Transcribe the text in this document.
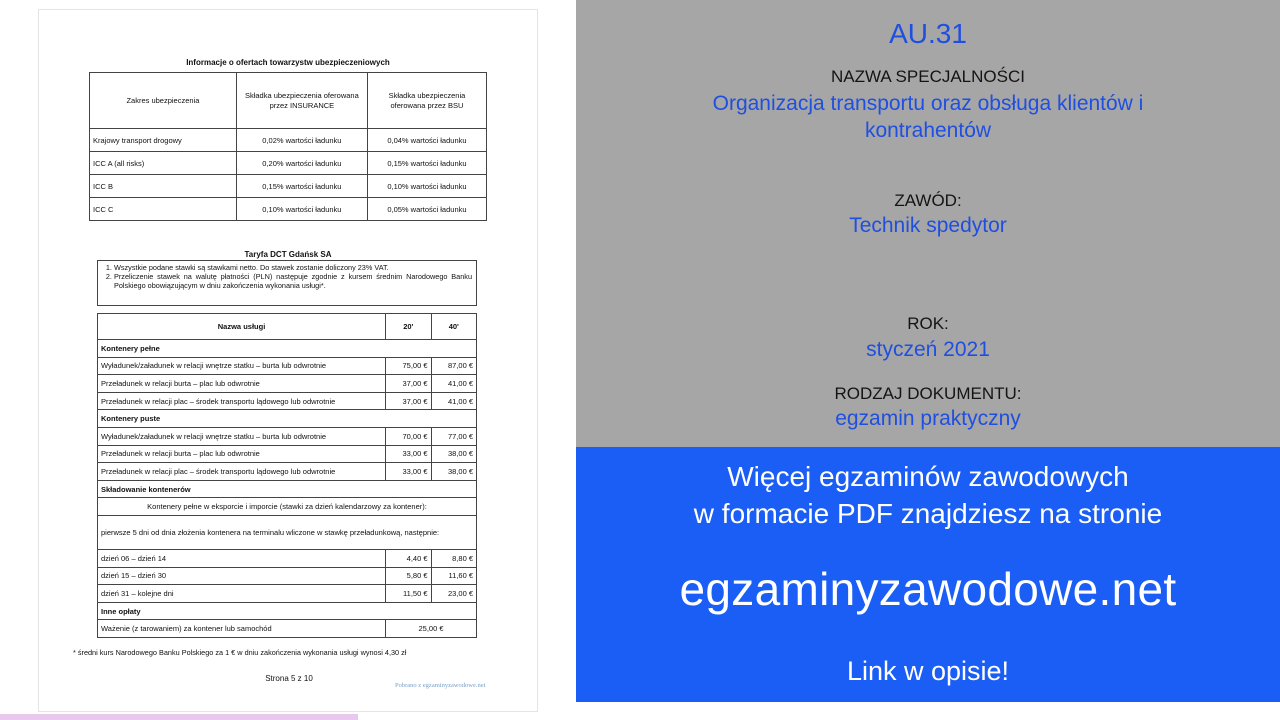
Informacje o ofertach towarzystw ubezpieczeniowych
Zakres ubezpieczenia	Składka ubezpieczenia oferowana przez INSURANCE	Składka ubezpieczenia oferowana przez BSU
Krajowy transport drogowy	0,02% wartości ładunku	0,04% wartości ładunku
ICC A (all risks)	0,20% wartości ładunku	0,15% wartości ładunku
ICC B	0,15% wartości ładunku	0,10% wartości ładunku
ICC C	0,10% wartości ładunku	0,05% wartości ładunku
Taryfa DCT Gdańsk SA
1. Wszystkie podane stawki są stawkami netto. Do stawek zostanie doliczony 23% VAT.
2. Przeliczenie stawek na walutę płatności (PLN) następuje zgodnie z kursem średnim Narodowego Banku Polskiego obowiązującym w dniu zakończenia wykonania usługi*.
Nazwa usługi	20'	40'
Kontenery pełne		
Wyładunek/załadunek w relacji wnętrze statku – burta lub odwrotnie	75,00 €	87,00 €
Przeładunek w relacji burta – plac lub odwrotnie	37,00 €	41,00 €
Przeładunek w relacji plac – środek transportu lądowego lub odwrotnie	37,00 €	41,00 €
Kontenery puste		
Wyładunek/załadunek w relacji wnętrze statku – burta lub odwrotnie	70,00 €	77,00 €
Przeładunek w relacji burta – plac lub odwrotnie	33,00 €	38,00 €
Przeładunek w relacji plac – środek transportu lądowego lub odwrotnie	33,00 €	38,00 €
Składowanie kontenerów		
Kontenery pełne w eksporcie i imporcie (stawki za dzień kalendarzowy za kontener):		
pierwsze 5 dni od dnia złożenia kontenera na terminalu wliczone w stawkę przeładunkową, następnie:		
dzień 06 – dzień 14	4,40 €	8,80 €
dzień 15 – dzień 30	5,80 €	11,60 €
dzień 31 – kolejne dni	11,50 €	23,00 €
Inne opłaty		
Ważenie (z tarowaniem) za kontener lub samochód	25,00 €	
* średni kurs Narodowego Banku Polskiego za 1 € w dniu zakończenia wykonania usługi wynosi 4,30 zł
Strona 5 z 10
Pobrano z egzaminyzawodowe.net
AU.31
NAZWA SPECJALNOŚCI
Organizacja transportu oraz obsługa klientów i
kontrahentów
ZAWÓD:
Technik spedytor
ROK:
styczeń 2021
RODZAJ DOKUMENTU:
egzamin praktyczny
Więcej egzaminów zawodowych
w formacie PDF znajdziesz na stronie
egzaminyzawodowe.net
Link w opisie!
